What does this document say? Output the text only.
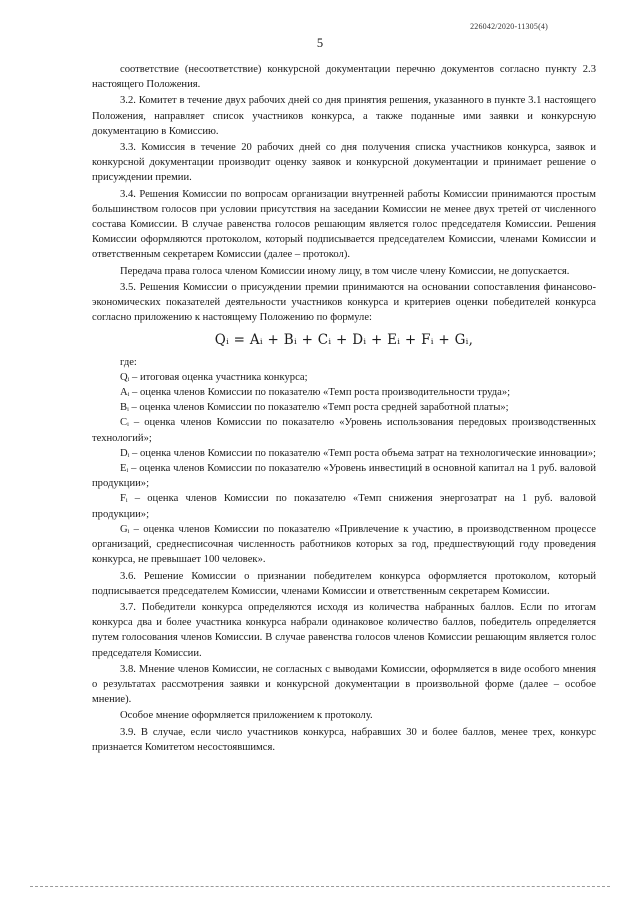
226042/2020-11305(4)
5

соответствие (несоответствие) конкурсной документации перечню документов согласно пункту 2.3 настоящего Положения.

3.2. Комитет в течение двух рабочих дней со дня принятия решения, указанного в пункте 3.1 настоящего Положения, направляет список участников конкурса, а также поданные ими заявки и конкурсную документацию в Комиссию.

3.3. Комиссия в течение 20 рабочих дней со дня получения списка участников конкурса, заявок и конкурсной документации производит оценку заявок и конкурсной документации и принимает решение о присуждении премии.

3.4. Решения Комиссии по вопросам организации внутренней работы Комиссии принимаются простым большинством голосов при условии присутствия на заседании Комиссии не менее двух третей от численного состава Комиссии. В случае равенства голосов решающим является голос председателя Комиссии. Решения Комиссии оформляются протоколом, который подписывается председателем Комиссии, членами Комиссии и ответственным секретарем Комиссии (далее – протокол).

Передача права голоса членом Комиссии иному лицу, в том числе члену Комиссии, не допускается.

3.5. Решения Комиссии о присуждении премии принимаются на основании сопоставления финансово-экономических показателей деятельности участников конкурса и критериев оценки победителей конкурса согласно приложению к настоящему Положению по формуле:

Qᵢ = Aᵢ + Bᵢ + Cᵢ + Dᵢ + Eᵢ + Fᵢ + Gᵢ,

где:

Qᵢ – итоговая оценка участника конкурса;

Aᵢ – оценка членов Комиссии по показателю «Темп роста производительности труда»;

Bᵢ – оценка членов Комиссии по показателю «Темп роста средней заработной платы»;

Cᵢ – оценка членов Комиссии по показателю «Уровень использования передовых производственных технологий»;

Dᵢ – оценка членов Комиссии по показателю «Темп роста объема затрат на технологические инновации»;

Eᵢ – оценка членов Комиссии по показателю «Уровень инвестиций в основной капитал на 1 руб. валовой продукции»;

Fᵢ – оценка членов Комиссии по показателю «Темп снижения энергозатрат на 1 руб. валовой продукции»;

Gᵢ – оценка членов Комиссии по показателю «Привлечение к участию, в производственном процессе организаций, среднесписочная численность работников которых за год, предшествующий году проведения конкурса, не превышает 100 человек».

3.6. Решение Комиссии о признании победителем конкурса оформляется протоколом, который подписывается председателем Комиссии, членами Комиссии и ответственным секретарем Комиссии.

3.7. Победители конкурса определяются исходя из количества набранных баллов. Если по итогам конкурса два и более участника конкурса набрали одинаковое количество баллов, победитель определяется путем голосования членов Комиссии. В случае равенства голосов членов Комиссии решающим является голос председателя Комиссии.

3.8. Мнение членов Комиссии, не согласных с выводами Комиссии, оформляется в виде особого мнения о результатах рассмотрения заявки и конкурсной документации в произвольной форме (далее – особое мнение).

Особое мнение оформляется приложением к протоколу.

3.9. В случае, если число участников конкурса, набравших 30 и более баллов, менее трех, конкурс признается Комитетом несостоявшимся.
